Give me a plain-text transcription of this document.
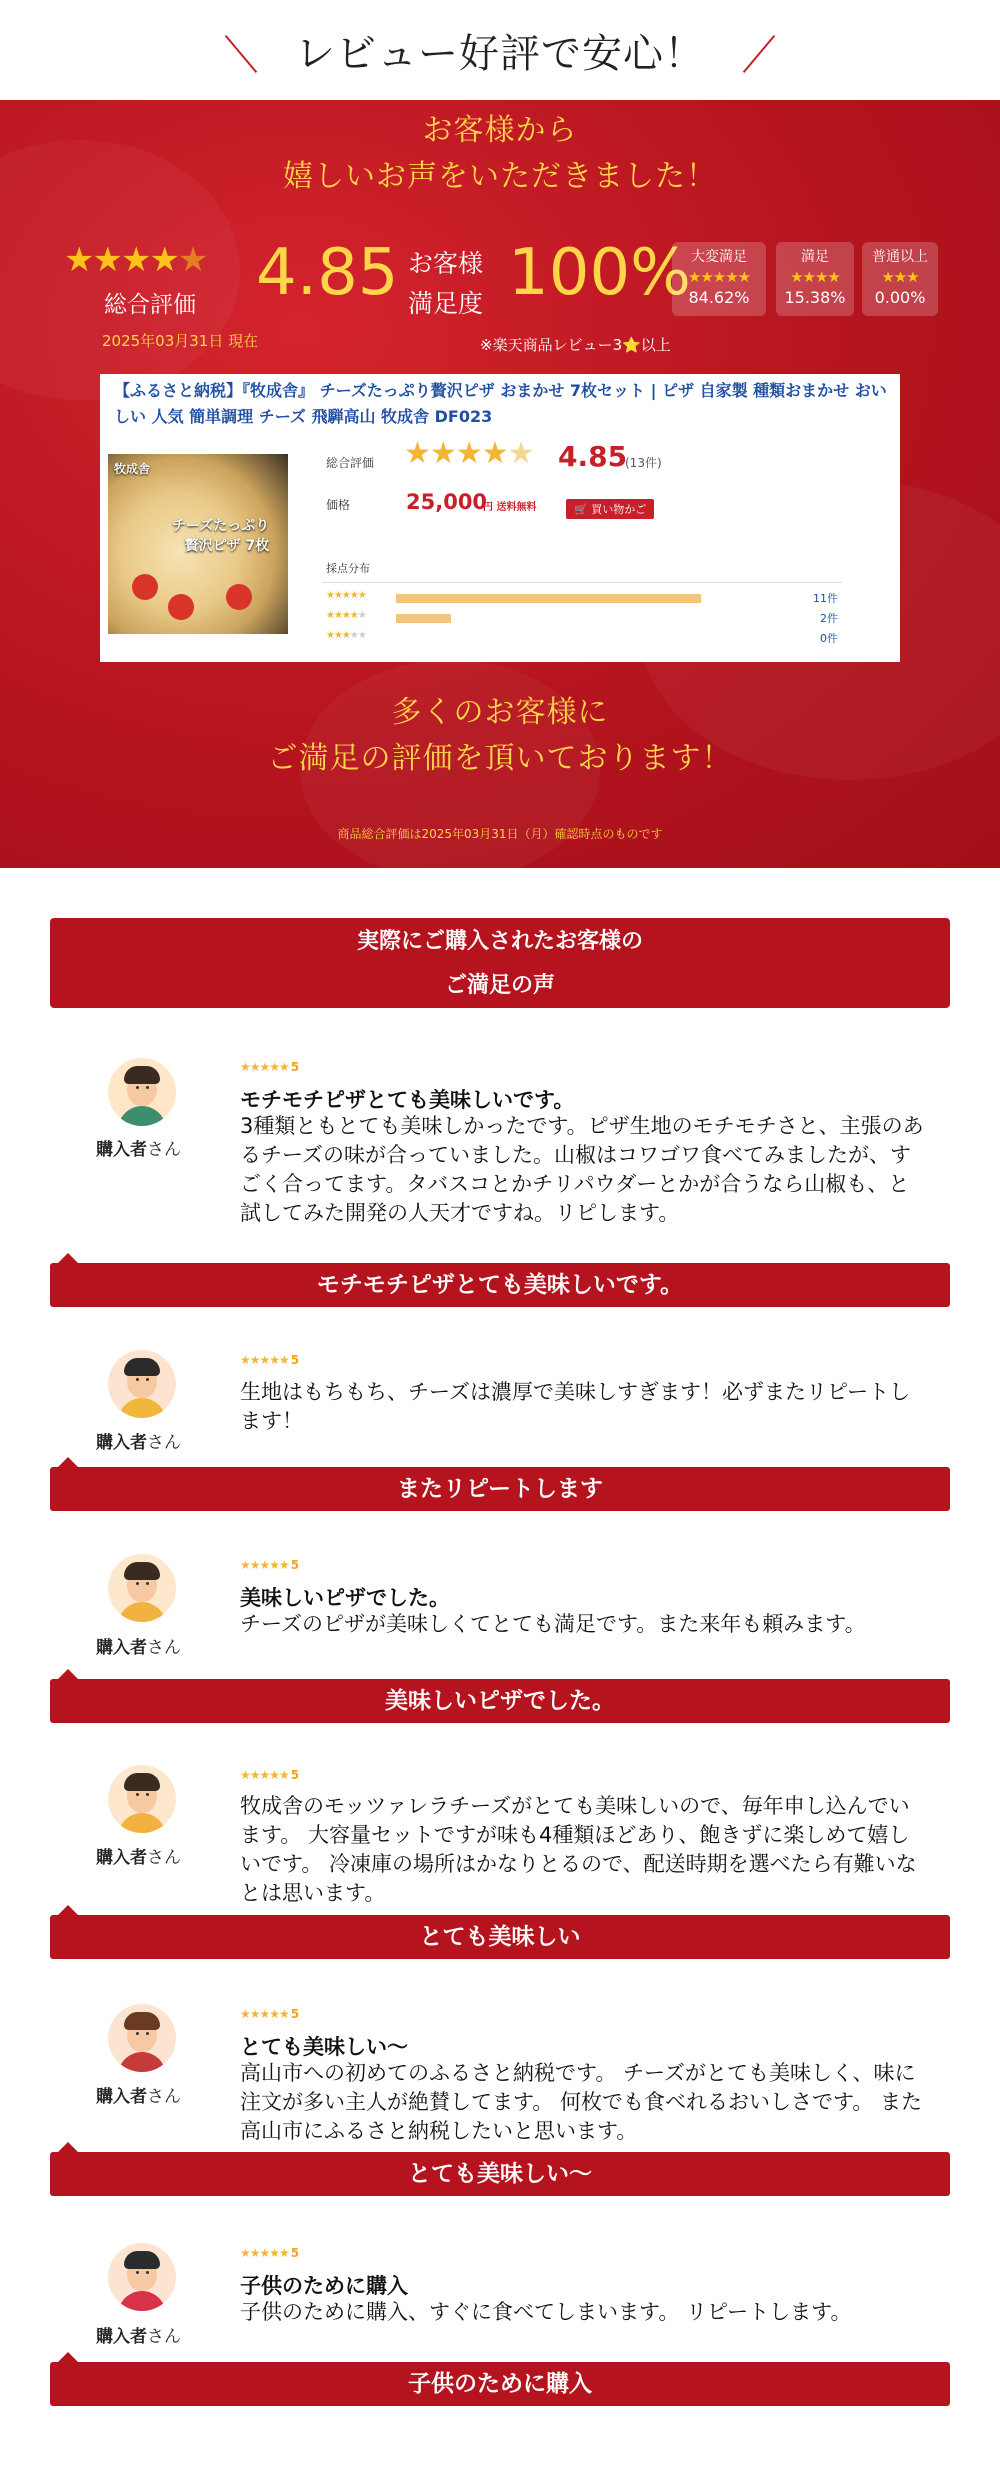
レビュー好評で安心！
お客様から
嬉しいお声をいただきました！
★★★★★
総合評価
2025年03月31日 現在
4.85 お客様
満足度 100%
※楽天商品レビュー3⭐以上
大変満足
★★★★★
84.62%
満足
★★★★
15.38%
普通以上
★★★
0.00%
【ふるさと納税】『牧成舎』 チーズたっぷり贅沢ピザ おまかせ 7枚セット | ピザ 自家製 種類おまかせ おいしい 人気 簡単調理 チーズ 飛騨高山 牧成舎 DF023
牧成舎
チーズたっぷり
贅沢ピザ 7枚
総合評価 ★★★★★ 4.85
(13件)
価格	25,000
円 送料無料	🛒 買い物かご
採点分布
★★★★★	11件
★★★★★	2件
★★★★★	0件
多くのお客様に
ご満足の評価を頂いております！
商品総合評価は2025年03月31日（月）確認時点のものです
実際にご購入されたお客様の
ご満足の声
購入者さん
★★★★★ 5
モチモチピザとても美味しいです。
3種類ともとても美味しかったです。ピザ生地のモチモチさと、主張のあるチーズの味が合っていました。山椒はコワゴワ食べてみましたが、すごく合ってます。タバスコとかチリパウダーとかが合うなら山椒も、と試してみた開発の人天才ですね。リピします。
モチモチピザとても美味しいです。
購入者さん
★★★★★ 5
生地はもちもち、チーズは濃厚で美味しすぎます！必ずまたリピートします！
またリピートします
購入者さん
★★★★★ 5
美味しいピザでした。
チーズのピザが美味しくてとても満足です。また来年も頼みます。
美味しいピザでした。
購入者さん
★★★★★ 5
牧成舎のモッツァレラチーズがとても美味しいので、毎年申し込んでいます。 大容量セットですが味も4種類ほどあり、飽きずに楽しめて嬉しいです。 冷凍庫の場所はかなりとるので、配送時期を選べたら有難いなとは思います。
とても美味しい
購入者さん
★★★★★ 5
とても美味しい〜
高山市への初めてのふるさと納税です。 チーズがとても美味しく、味に注文が多い主人が絶賛してます。 何枚でも食べれるおいしさです。 また高山市にふるさと納税したいと思います。
とても美味しい〜
購入者さん
★★★★★ 5
子供のために購入
子供のために購入、すぐに食べてしまいます。 リピートします。
子供のために購入
